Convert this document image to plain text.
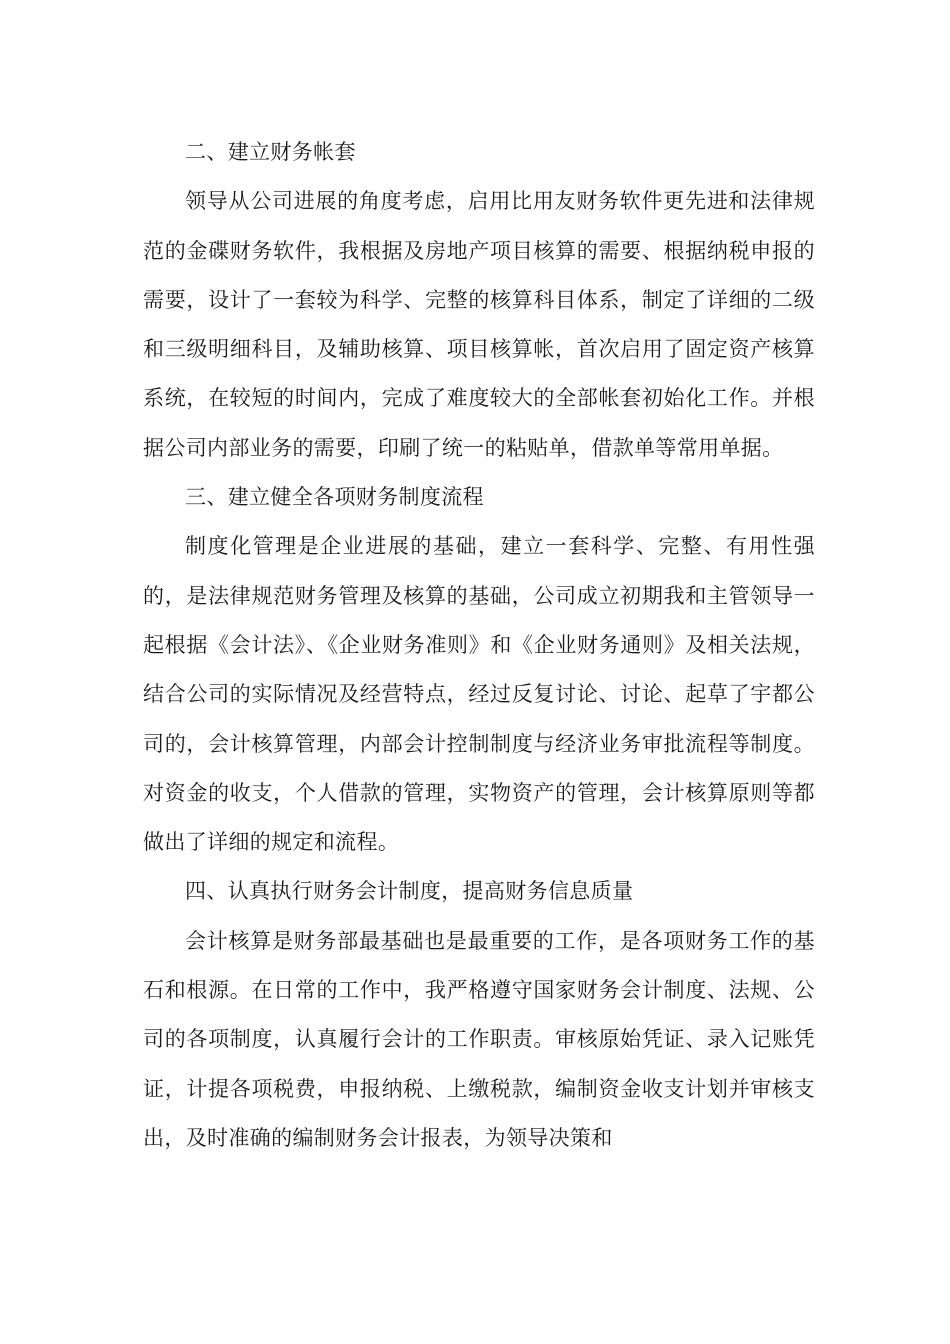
二、建立财务帐套

领导从公司进展的角度考虑，启用比用友财务软件更先进和法律规范的金碟财务软件，我根据及房地产项目核算的需要、根据纳税申报的需要，设计了一套较为科学、完整的核算科目体系，制定了详细的二级和三级明细科目，及辅助核算、项目核算帐，首次启用了固定资产核算系统，在较短的时间内，完成了难度较大的全部帐套初始化工作。并根据公司内部业务的需要，印刷了统一的粘贴单，借款单等常用单据。

三、建立健全各项财务制度流程

制度化管理是企业进展的基础，建立一套科学、完整、有用性强的，是法律规范财务管理及核算的基础，公司成立初期我和主管领导一起根据《会计法》、《企业财务准则》和《企业财务通则》及相关法规，结合公司的实际情况及经营特点，经过反复讨论、讨论、起草了宇都公司的，会计核算管理，内部会计控制制度与经济业务审批流程等制度。对资金的收支，个人借款的管理，实物资产的管理，会计核算原则等都做出了详细的规定和流程。

四、认真执行财务会计制度，提高财务信息质量

会计核算是财务部最基础也是最重要的工作，是各项财务工作的基石和根源。在日常的工作中，我严格遵守国家财务会计制度、法规、公司的各项制度，认真履行会计的工作职责。审核原始凭证、录入记账凭证，计提各项税费，申报纳税、上缴税款，编制资金收支计划并审核支出，及时准确的编制财务会计报表，为领导决策和
